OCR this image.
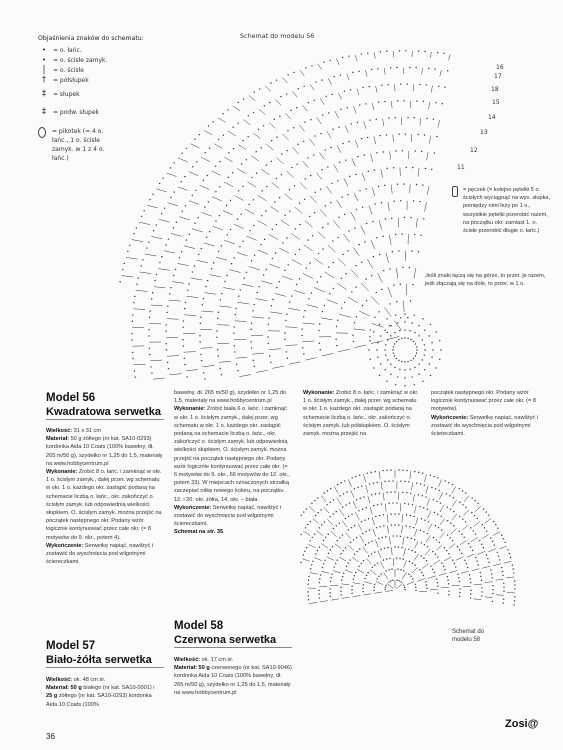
Objaśnienia znaków do schematu:
•	= o. łańc.
•	= o. ścisłe zamyk.
|	= o. ścisłe
†	= półsłupek
‡	= słupek
‡	= podw. słupek
= pikotek (= 4 o. łańc., 1 o. ścisłe zamyk. w 1 z 4 o. łańc.)
Schemat do modelu 56
16
17
18
15
14
13
12
11
= pęczek (= kolejno pętelki 5 o. ścisłych wyciągnąć na wys. słupka, pomiędzy nimi leży po 1 o., wszystkie pętelki przerobić razem, na początku okr. zamiast 1. o. ścisłe przerobić długie o. łańc.)
Jeśli znaki łączą się na górze, to przer. je razem, jeśli złączają się na dole, to przer. w 1 o.
Model 56
Kwadratowa serwetka
Wielkość: 31 x 31 cm
Materiał: 50 g żółtego (nr kat. SA10-0293) kordonka Aida 10 Coats (100% bawełny, dł. 265 m/50 g), szydełko nr 1,25 do 1,5, materiały na www.hobbycentrum.pl
Wykonanie: Zrobić 8 o. łańc. i zamknąć w okr. 1 o. ścisłym zamyk., dalej przer. wg schematu w okr. 1 o. każdego okr. zastąpić podaną na schemacie liczbą o. łańc., okr. zakończyć o. ścisłym zamyk. lub odpowiednią wielkości słupkiem. O. ścisłym zamyk. można przejść na początek następnego okr. Podany wzór logicznie kontynuować przez całe okr. (= 8 motywów do 9. okr., potem 4).
Wykończenie: Serwetkę napiąć, nawilżyć i zostawić do wyschnięcia pod wilgotnymi ściereczkami.
bawełny, dł. 265 m/50 g), szydełko nr 1,25 do 1,5, materiały na www.hobbycentrum.pl
Wykonanie: Zrobić biała 6 o. łańc. i zamknąć w okr. 1 o. ścisłym zamyk., dalej przer. wg schematu w okr. 1 o. każdego okr. zastąpić podaną na schemacie liczbą o. łańc., okr. zakończyć o. ścisłym zamyk. lub odpowiednią wielkości słupkiem. O. ścisłym zamyk. można przejść na początek następnego okr. Podany wzór logicznie kontynuować przez całe okr. (= 6 motywów do 9. okr., 66 motywów do 12. okr., potem 33). W miejscach oznaczonych strzałką zaczepiać nitkę nowego koloru, na początku 12. i 20. okr. żółta, 14. okr. – biała.
Wykończenie: Serwetkę napiąć, nawilżyć i zostawić do wyschnięcia pod wilgotnymi ściereczkami.
Schemat na str. 35
Wykonanie: Zrobić 8 o. łańc. i zamknąć w okr. 1 o. ścisłym zamyk., dalej przer. wg schematu w okr. 1 o. każdego okr. zastąpić podaną na schemacie liczbą o. łańc., okr. zakończyć o. ścisłym zamyk. lub półsłupkiem. O. ścisłym zamyk. można przejść na
początek następnego okr. Podany wzór logicznie kontynuować przez całe okr. (= 8 motywów).
Wykończenie: Serwetkę napiąć, nawilżyć i zostawić do wyschnięcia pod wilgotnymi ściereczkami.
Model 57
Biało-żółta serwetka
Wielkość: ok. 48 cm śr.
Materiał: 50 g białego (nr kat. SA10-0001) i
25 g żółtego (nr kat. SA10-0293) kordonka Aida 10 Coats (100%
Model 58
Czerwona serwetka
Wielkość: ok. 17 cm śr.
Materiał: 50 g czerwonego (nr kat. SA10-9046) kordonka Aida 10 Coats (100% bawełny, dł. 265 m/50 g), szydełko nr 1,25 do 1,5, materiały na www.hobbycentrum.pl
Schemat do modelu 58
36
Zosi@
